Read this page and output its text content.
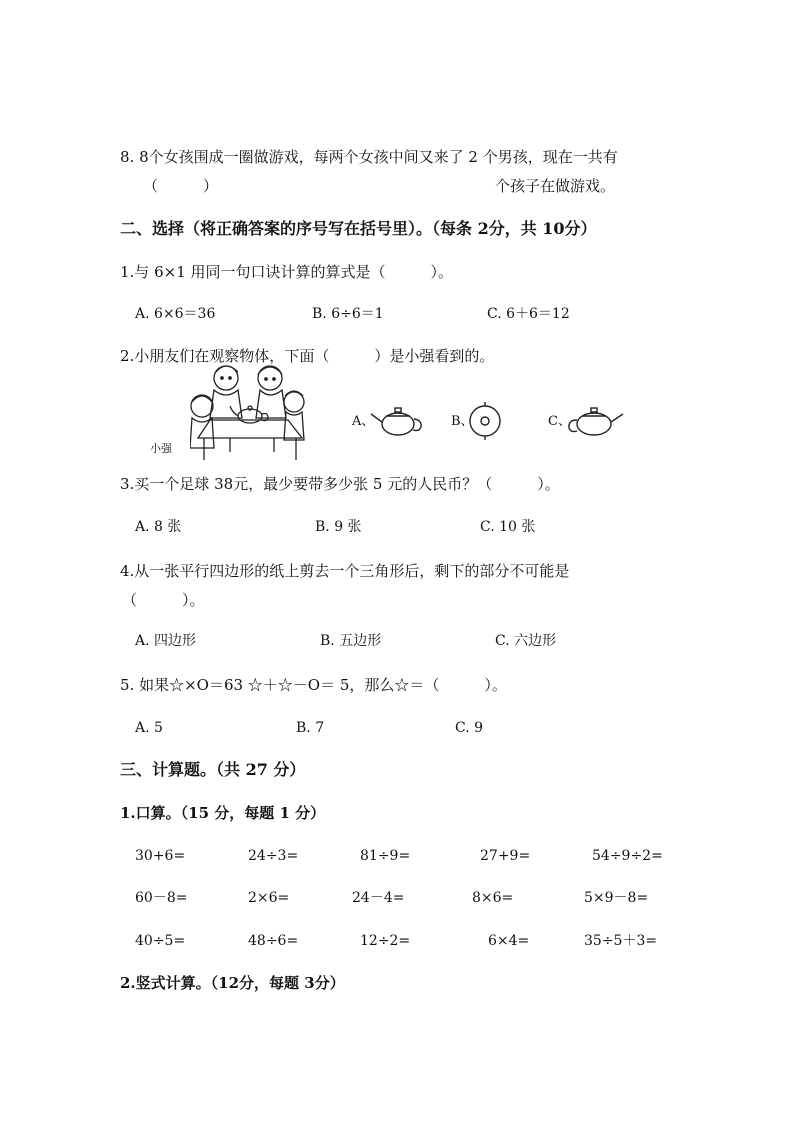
8. 8个女孩围成一圈做游戏，每两个女孩中间又来了 2 个男孩，现在一共有
（　　　）	个孩子在做游戏。
二、选择（将正确答案的序号写在括号里）。（每条 2分，共 10分）
1.与 6×1 用同一句口诀计算的算式是（　　　）。
A. 6×6＝36	B. 6÷6＝1	C. 6＋6＝12
2.小朋友们在观察物体，下面（　　　）是小强看到的。
小强
A、	B、	C、
3.买一个足球 38元，最少要带多少张 5 元的人民币？（　　　）。
A. 8 张	B. 9 张	C. 10 张
4.从一张平行四边形的纸上剪去一个三角形后，剩下的部分不可能是
（　　　）。
A. 四边形	B. 五边形	C. 六边形
5. 如果☆×O＝63 ☆＋☆－O＝ 5，那么☆＝（　　　）。
A. 5	B. 7	C. 9
三、计算题。（共 27 分）
1.口算。（15 分，每题 1 分）
30+6=	24÷3=	81÷9=	27+9=	54÷9÷2=
60－8=	2×6=	24－4=	8×6=	5×9－8=
40÷5=	48÷6=	12÷2=	6×4=	35÷5＋3=
2.竖式计算。（12分，每题 3分）
